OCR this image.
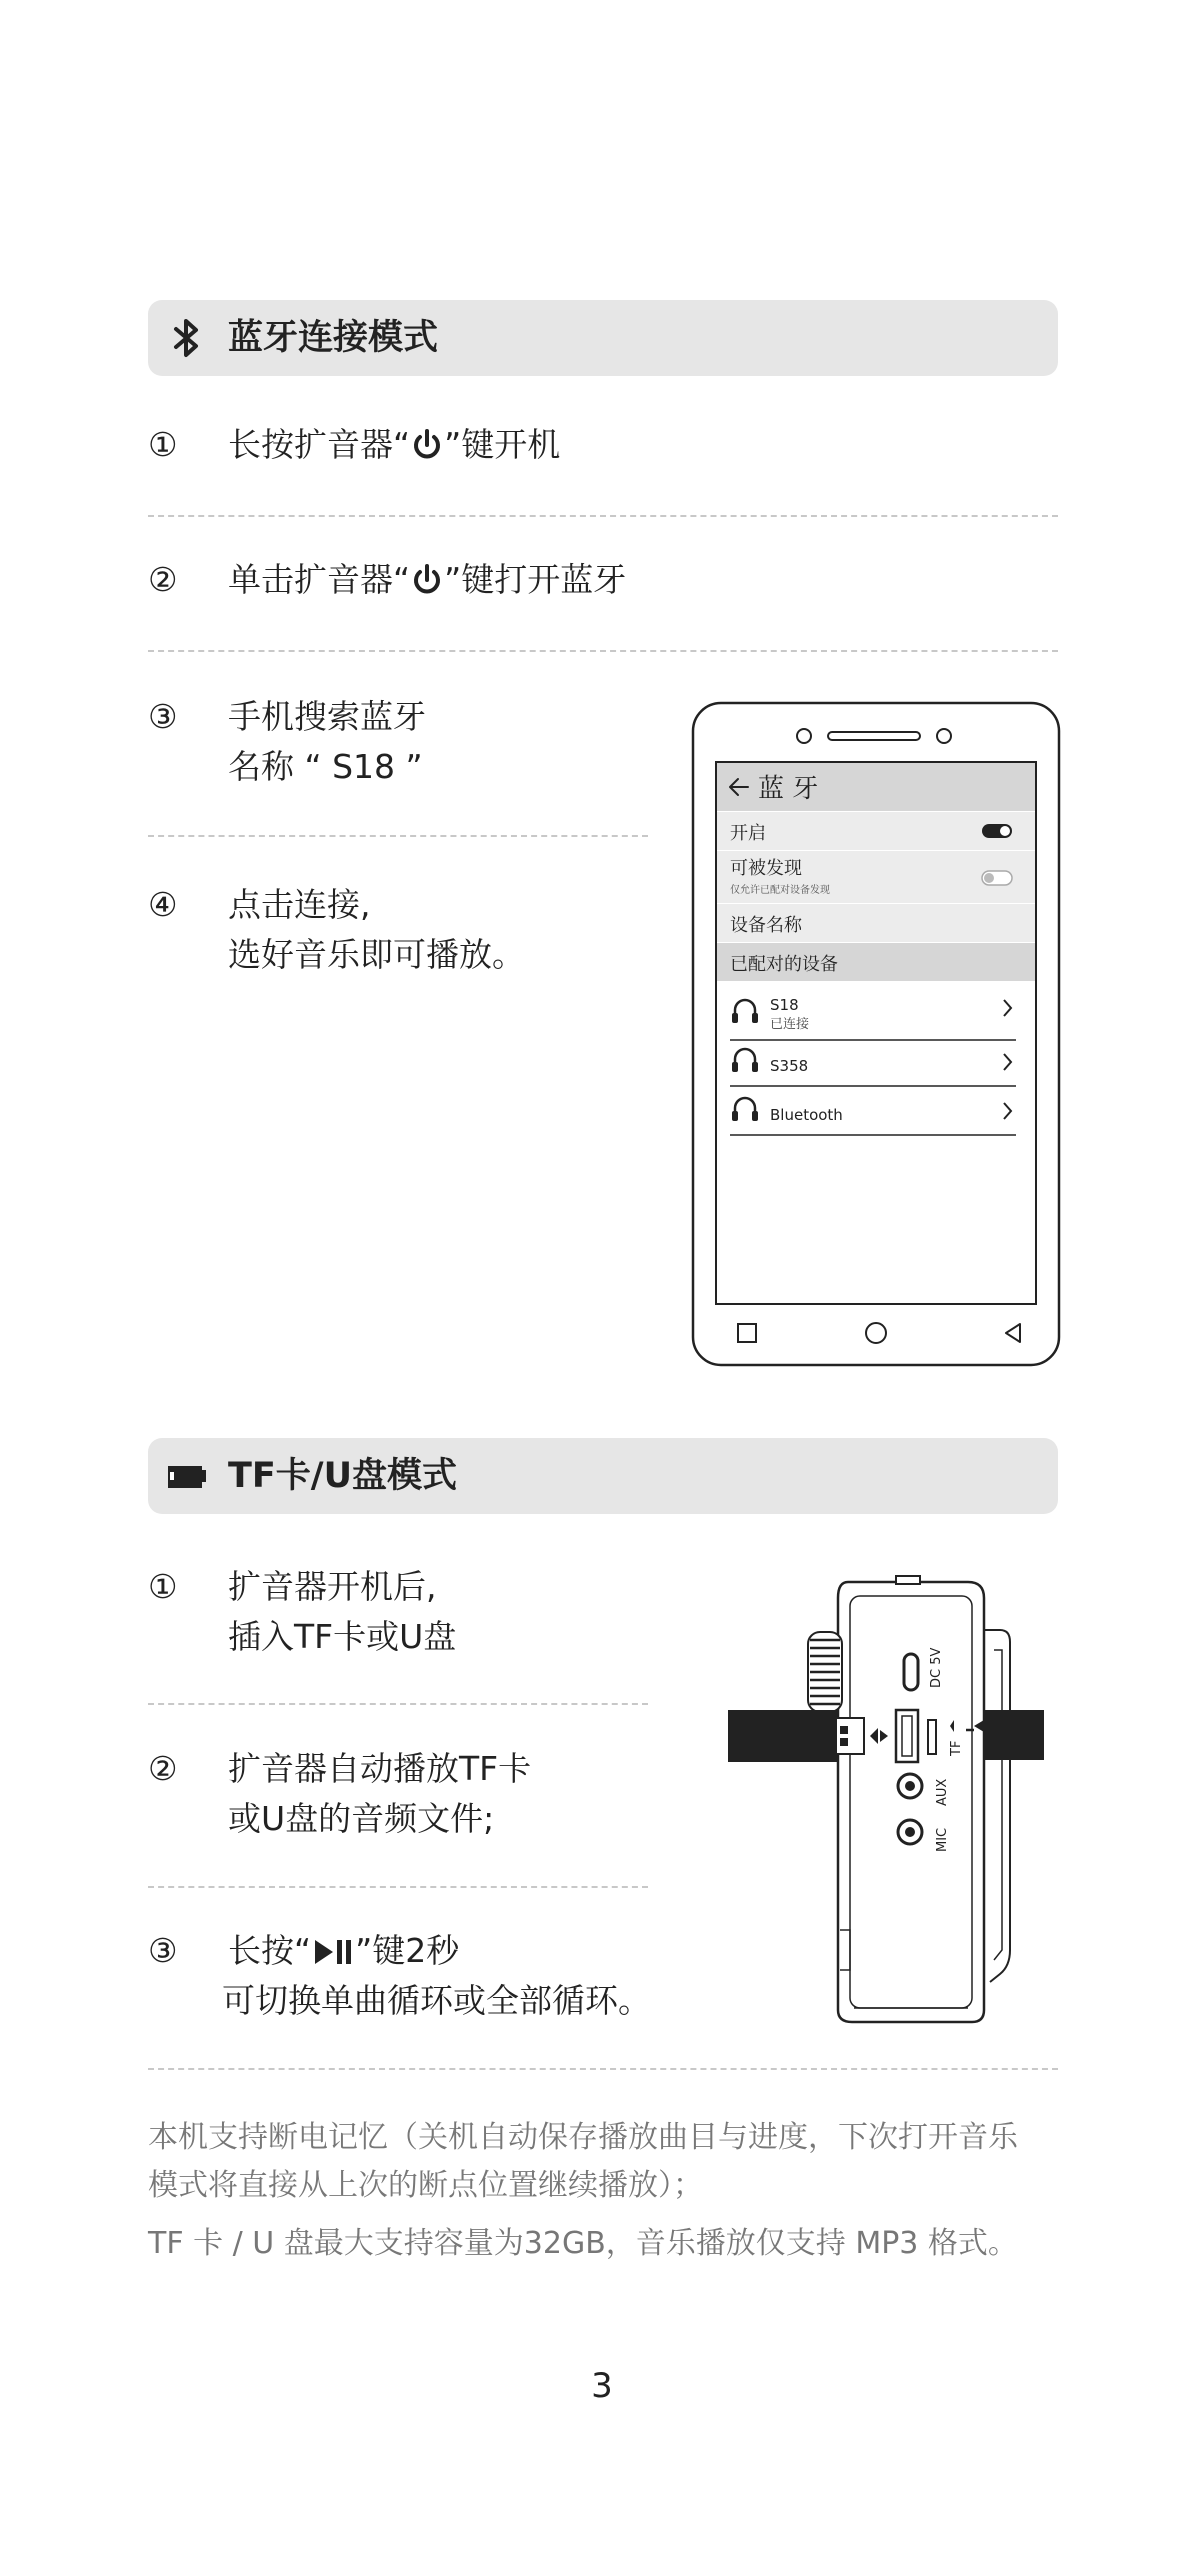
蓝牙连接模式
①	长按扩音器“ ”键开机
②	单击扩音器“ ”键打开蓝牙
③	手机搜索蓝牙
名称 “ S18 ”
④	点击连接,
选好音乐即可播放。
蓝 牙
开启
可被发现
仅允许已配对设备发现
设备名称
已配对的设备
S18
已连接
S358
Bluetooth
TF卡/U盘模式
①	扩音器开机后,
插入TF卡或U盘
②	扩音器自动播放TF卡
或U盘的音频文件;
③	长按“ ”键2秒
可切换单曲循环或全部循环。
DC 5V
TF
AUX
MIC
本机支持断电记忆（关机自动保存播放曲目与进度，下次打开音乐
模式将直接从上次的断点位置继续播放）；
TF 卡 / U 盘最大支持容量为32GB，音乐播放仅支持 MP3 格式。
3
